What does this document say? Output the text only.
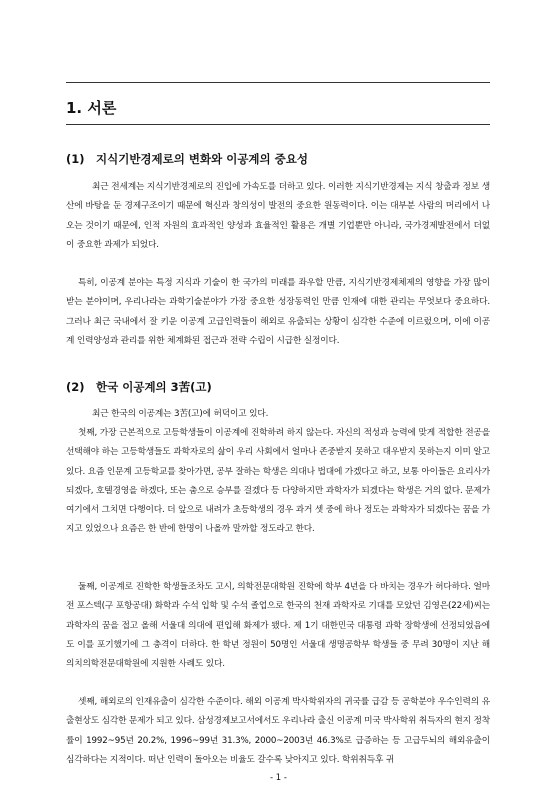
1. 서론
(1) 지식기반경제로의 변화와 이공계의 중요성

최근 전세계는 지식기반경제로의 진입에 가속도를 더하고 있다. 이러한 지식기반경제는 지식 창출과 정보 생산에 바탕을 둔 경제구조이기 때문에 혁신과 창의성이 발전의 중요한 원동력이다. 이는 대부분 사람의 머리에서 나오는 것이기 때문에, 인적 자원의 효과적인 양성과 효율적인 활용은 개별 기업뿐만 아니라, 국가경제발전에서 더없이 중요한 과제가 되었다.

특히, 이공계 분야는 특정 지식과 기술이 한 국가의 미래를 좌우할 만큼, 지식기반경제체제의 영향을 가장 많이 받는 분야이며, 우리나라는 과학기술분야가 가장 중요한 성장동력인 만큼 인재에 대한 관리는 무엇보다 중요하다. 그러나 최근 국내에서 잘 키운 이공계 고급인력들이 해외로 유출되는 상황이 심각한 수준에 이르렀으며, 이에 이공계 인력양성과 관리를 위한 체계화된 접근과 전략 수립이 시급한 실정이다.

(2) 한국 이공계의 3苦(고)

최근 한국의 이공계는 3苦(고)에 허덕이고 있다.

첫째, 가장 근본적으로 고등학생들이 이공계에 진학하려 하지 않는다. 자신의 적성과 능력에 맞게 적합한 전공을 선택해야 하는 고등학생들도 과학자로의 삶이 우리 사회에서 얼마나 존중받지 못하고 대우받지 못하는지 이미 알고 있다. 요즘 인문계 고등학교를 찾아가면, 공부 잘하는 학생은 의대나 법대에 가겠다고 하고, 보통 아이들은 요리사가 되겠다, 호텔경영을 하겠다, 또는 춤으로 승부를 걸겠다 등 다양하지만 과학자가 되겠다는 학생은 거의 없다. 문제가 여기에서 그치면 다행이다. 더 앞으로 내려가 초등학생의 경우 과거 셋 중에 하나 정도는 과학자가 되겠다는 꿈을 가지고 있었으나 요즘은 한 반에 한명이 나올까 말까할 정도라고 한다.

둘째, 이공계로 진학한 학생들조차도 고시, 의학전문대학원 진학에 학부 4년을 다 바치는 경우가 허다하다. 얼마전 포스텍(구 포항공대) 화학과 수석 입학 및 수석 졸업으로 한국의 천재 과학자로 기대를 모았던 김영은(22세)씨는 과학자의 꿈을 접고 올해 서울대 의대에 편입해 화제가 됐다. 제 1기 대한민국 대통령 과학 장학생에 선정되었음에도 이를 포기했기에 그 충격이 더하다. 한 학년 정원이 50명인 서울대 생명공학부 학생들 중 무려 30명이 지난 해 의치의학전문대학원에 지원한 사례도 있다.

셋째, 해외로의 인재유출이 심각한 수준이다. 해외 이공계 박사학위자의 귀국률 급감 등 공학분야 우수인력의 유출현상도 심각한 문제가 되고 있다. 삼성경제보고서에서도 우리나라 출신 이공계 미국 박사학위 취득자의 현지 정착률이 1992~95년 20.2%, 1996~99년 31.3%, 2000~2003년 46.3%로 급증하는 등 고급두뇌의 해외유출이 심각하다는 지적이다. 떠난 인력이 돌아오는 비율도 갈수록 낮아지고 있다. 학위취득후 귀

- 1 -
